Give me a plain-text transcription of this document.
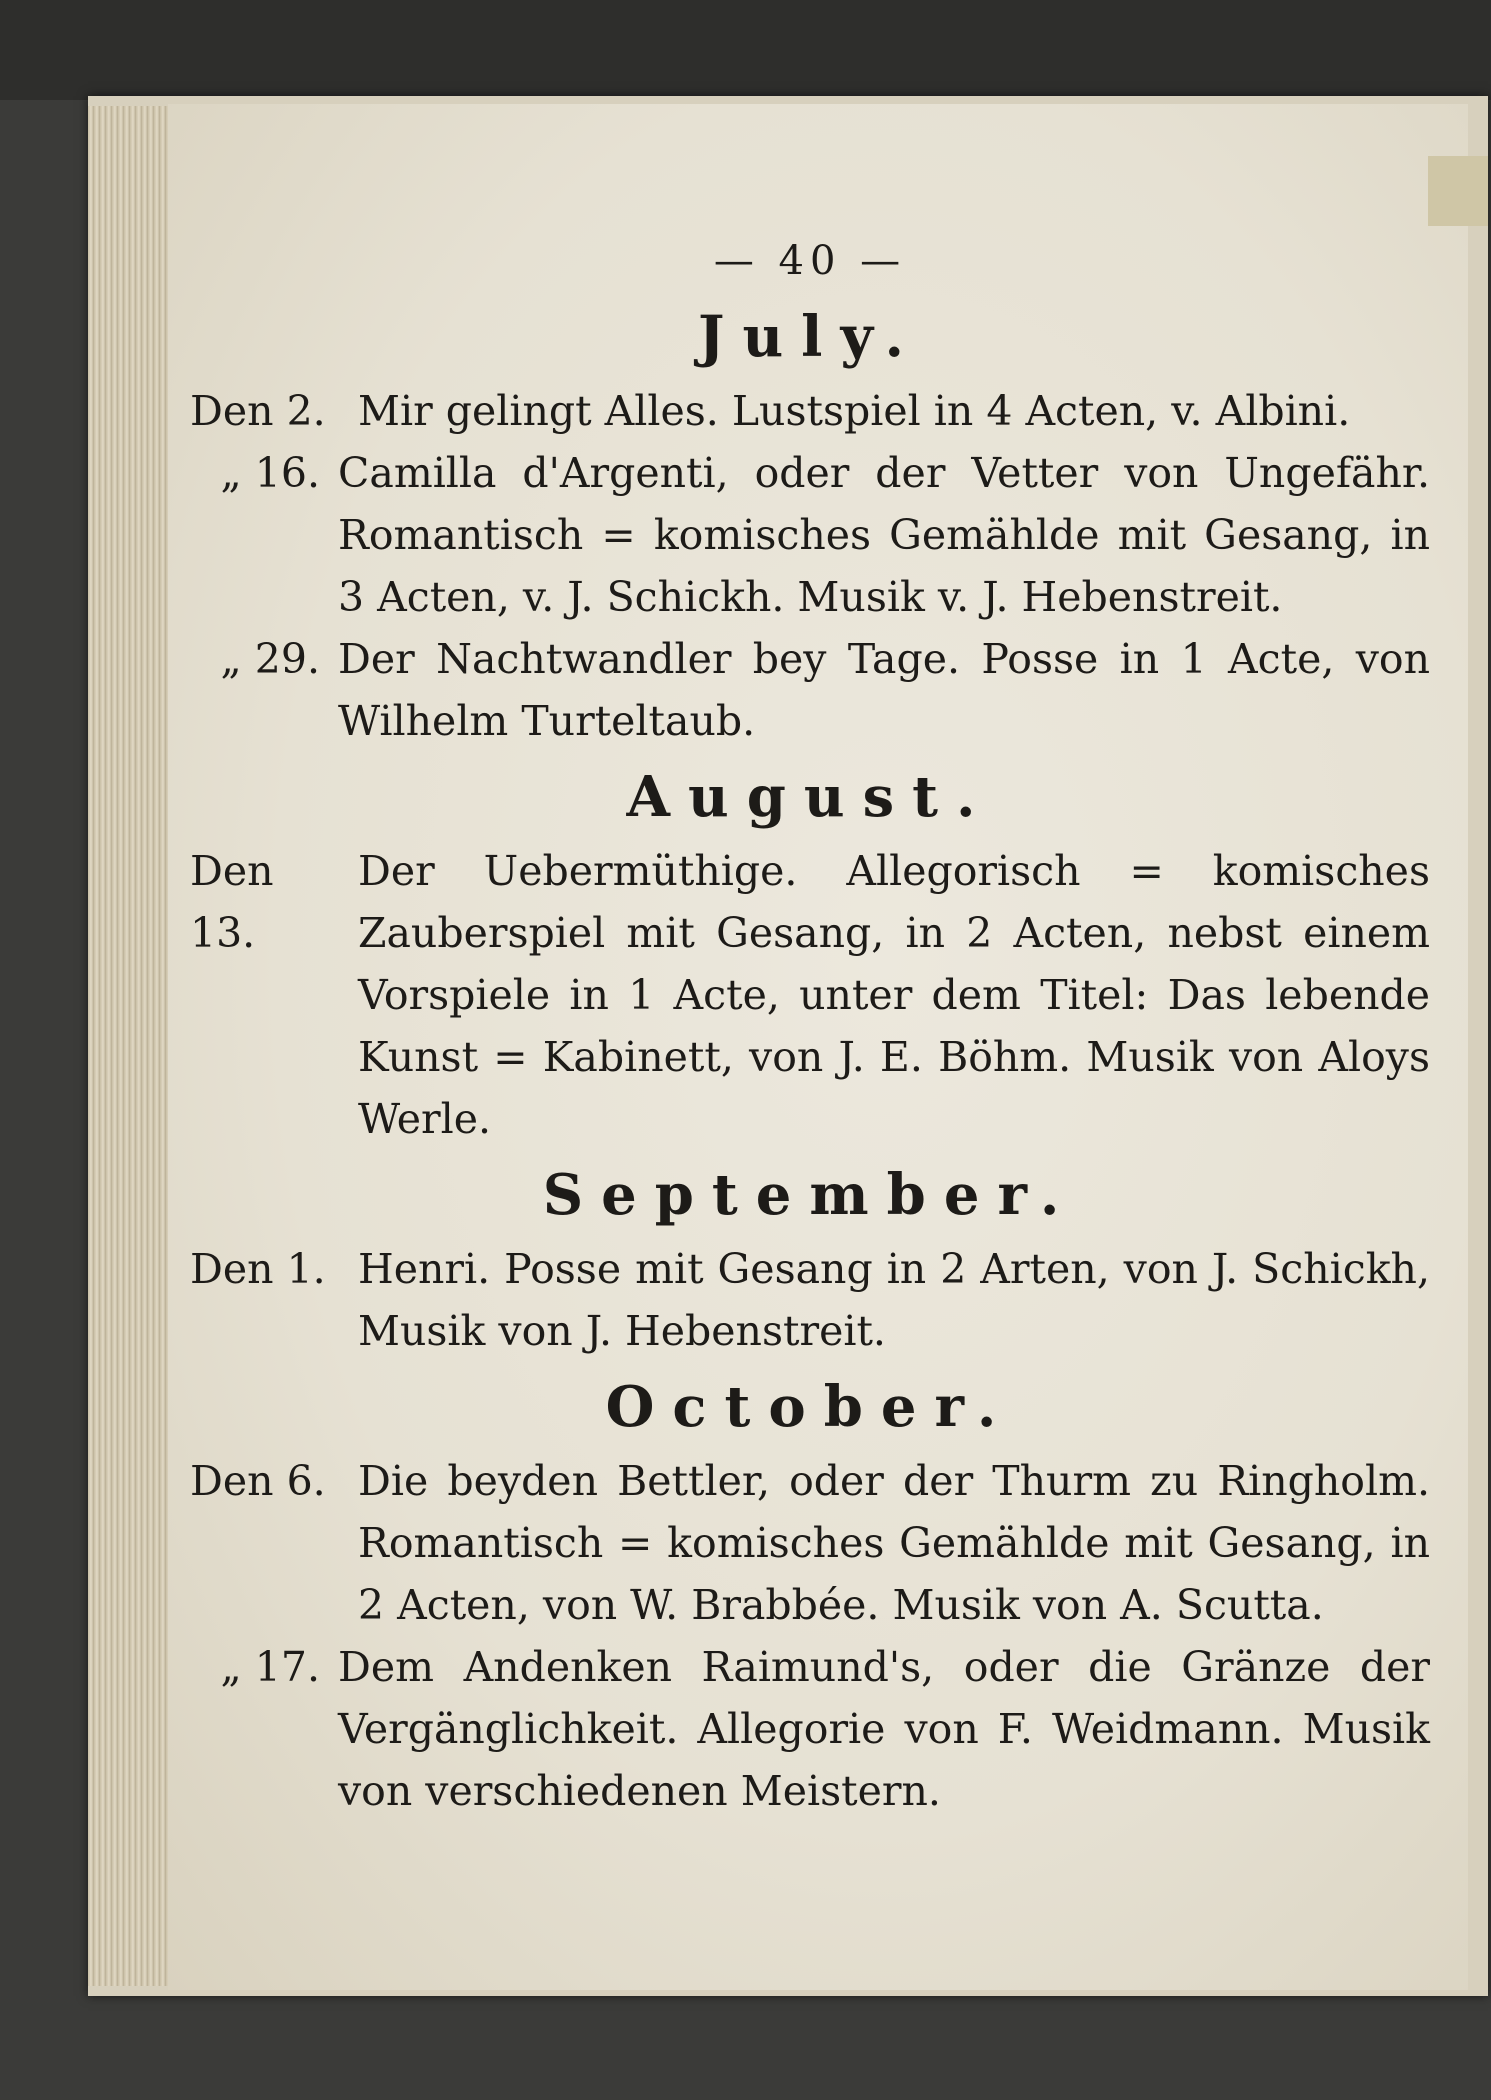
— 40 —
July.
Den 2. Mir gelingt Alles. Lustspiel in 4 Acten, v. Albini.
„ 16. Camilla d'Argenti, oder der Vetter von Ungefähr. Romantisch = komisches Gemählde mit Gesang, in 3 Acten, v. J. Schickh. Musik v. J. Hebenstreit.
„ 29. Der Nachtwandler bey Tage. Posse in 1 Acte, von Wilhelm Turteltaub.
August.
Den 13.
Der Uebermüthige. Allegorisch = komisches Zauberspiel mit Gesang, in 2 Acten, nebst einem Vorspiele in 1 Acte, unter dem Titel: Das lebende Kunst = Kabinett, von J. E. Böhm. Musik von Aloys Werle.
September.
Den 1. Henri. Posse mit Gesang in 2 Arten, von J. Schickh, Musik von J. Hebenstreit.
October.
Den 6. Die beyden Bettler, oder der Thurm zu Ringholm. Romantisch = komisches Gemählde mit Gesang, in 2 Acten, von W. Brabbée. Musik von A. Scutta.
„ 17. Dem Andenken Raimund's, oder die Gränze der Vergänglichkeit. Allegorie von F. Weidmann. Musik von verschiedenen Meistern.
